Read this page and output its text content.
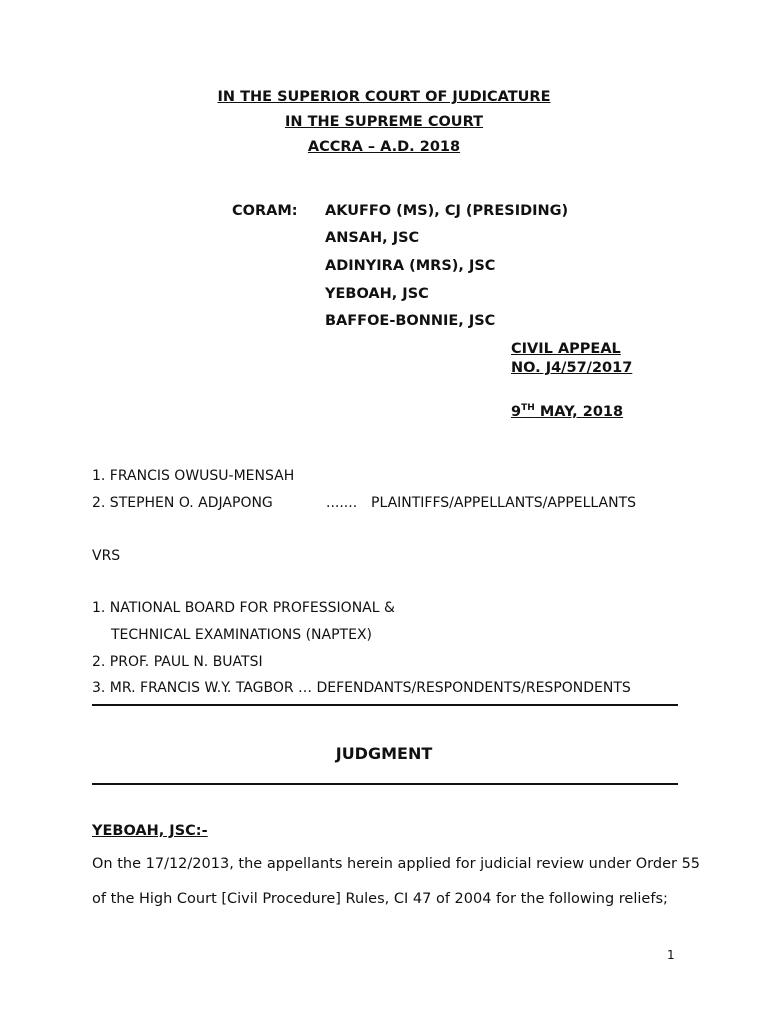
IN THE SUPERIOR COURT OF JUDICATURE
IN THE SUPREME COURT
ACCRA – A.D. 2018
CORAM: AKUFFO (MS), CJ (PRESIDING)
ANSAH, JSC
ADINYIRA (MRS), JSC
YEBOAH, JSC
BAFFOE-BONNIE, JSC
CIVIL APPEAL
NO. J4/57/2017
9TH MAY, 2018
1. FRANCIS OWUSU-MENSAH
2. STEPHEN O. ADJAPONG	....... PLAINTIFFS/APPELLANTS/APPELLANTS
VRS
1. NATIONAL BOARD FOR PROFESSIONAL &
TECHNICAL EXAMINATIONS (NAPTEX)
2. PROF. PAUL N. BUATSI
3. MR. FRANCIS W.Y. TAGBOR … DEFENDANTS/RESPONDENTS/RESPONDENTS
JUDGMENT
YEBOAH, JSC:-
On the 17/12/2013, the appellants herein applied for judicial review under Order 55
of the High Court [Civil Procedure] Rules, CI 47 of 2004 for the following reliefs;
1
